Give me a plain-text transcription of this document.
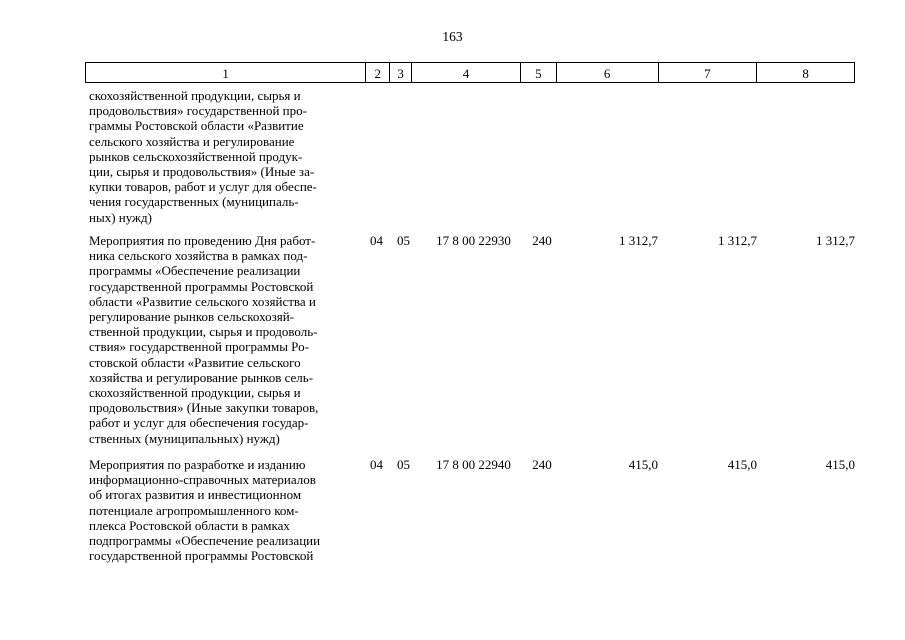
163
1	2	3	4	5	6	7	8
скохозяйственной продукции, сырья и
продовольствия» государственной про-
граммы Ростовской области «Развитие
сельского хозяйства и регулирование
рынков сельскохозяйственной продук-
ции, сырья и продовольствия» (Иные за-
купки товаров, работ и услуг для обеспе-
чения государственных (муниципаль-
ных) нужд)
Мероприятия по проведению Дня работ-
ника сельского хозяйства в рамках под-
программы «Обеспечение реализации
государственной программы Ростовской
области «Развитие сельского хозяйства и
регулирование рынков сельскохозяй-
ственной продукции, сырья и продоволь-
ствия» государственной программы Ро-
стовской области «Развитие сельского
хозяйства и регулирование рынков сель-
скохозяйственной продукции, сырья и
продовольствия» (Иные закупки товаров,
работ и услуг для обеспечения государ-
ственных (муниципальных) нужд)
04 05	17 8 00 22930	240	1 312,7	1 312,7	1 312,7
Мероприятия по разработке и изданию
информационно-справочных материалов
об итогах развития и инвестиционном
потенциале агропромышленного ком-
плекса Ростовской области в рамках
подпрограммы «Обеспечение реализации
государственной программы Ростовской
04 05	17 8 00 22940	240	415,0	415,0	415,0
